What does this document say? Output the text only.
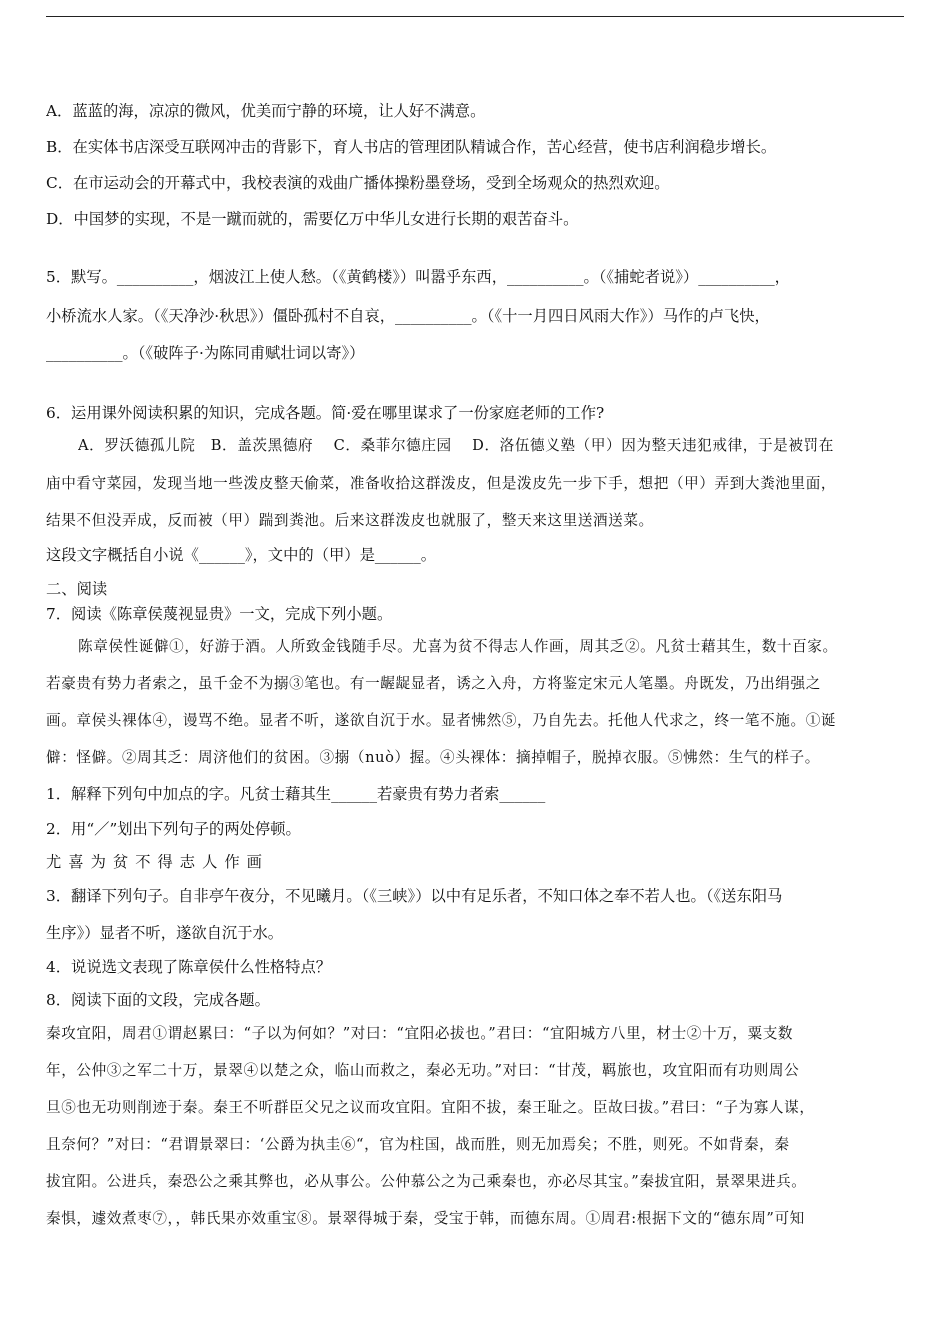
A．蓝蓝的海，凉凉的微风，优美而宁静的环境，让人好不满意。
B．在实体书店深受互联网冲击的背影下，育人书店的管理团队精诚合作，苦心经营，使书店利润稳步增长。
C．在市运动会的开幕式中，我校表演的戏曲广播体操粉墨登场，受到全场观众的热烈欢迎。
D．中国梦的实现，不是一蹴而就的，需要亿万中华儿女进行长期的艰苦奋斗。
5．默写。__________，烟波江上使人愁。（《黄鹤楼》）叫嚣乎东西，__________。（《捕蛇者说》）__________，
小桥流水人家。（《天净沙·秋思》）僵卧孤村不自哀，__________。（《十一月四日风雨大作》）马作的卢飞快，
__________。（《破阵子·为陈同甫赋壮词以寄》）
6．运用课外阅读积累的知识，完成各题。简·爱在哪里谋求了一份家庭老师的工作?
A．罗沃德孤儿院　B．盖茨黑德府　 C．桑菲尔德庄园　 D．洛伍德义塾（甲）因为整天违犯戒律，于是被罚在
庙中看守菜园，发现当地一些泼皮整天偷菜，准备收拾这群泼皮，但是泼皮先一步下手，想把（甲）弄到大粪池里面，
结果不但没弄成，反而被（甲）踹到粪池。后来这群泼皮也就服了，整天来这里送酒送菜。
这段文字概括自小说《______》，文中的（甲）是______。
二、阅读
7．阅读《陈章侯蔑视显贵》一文，完成下列小题。
陈章侯性诞僻①，好游于酒。人所致金钱随手尽。尤喜为贫不得志人作画，周其乏②。凡贫士藉其生，数十百家。
若豪贵有势力者索之，虽千金不为搦③笔也。有一龌龊显者，诱之入舟，方将鉴定宋元人笔墨。舟既发，乃出绢强之
画。章侯头裸体④，谩骂不绝。显者不听，遂欲自沉于水。显者怫然⑤，乃自先去。托他人代求之，终一笔不施。①诞
僻：怪僻。②周其乏：周济他们的贫困。③搦（nuò）握。④头裸体：摘掉帽子，脱掉衣服。⑤怫然：生气的样子。
1．解释下列句中加点的字。凡贫士藉其生______若豪贵有势力者索______
2．用“／”划出下列句子的两处停顿。
尤喜为贫不得志人作画
3．翻译下列句子。自非亭午夜分，不见曦月。（《三峡》）以中有足乐者，不知口体之奉不若人也。（《送东阳马
生序》）显者不听，遂欲自沉于水。
4．说说选文表现了陈章侯什么性格特点？
8．阅读下面的文段，完成各题。
秦攻宜阳，周君①谓赵累曰：“子以为何如？”对曰：“宜阳必拔也。”君曰：“宜阳城方八里，材士②十万，粟支数
年，公仲③之军二十万，景翠④以楚之众，临山而救之，秦必无功。”对曰：“甘茂，羁旅也，攻宜阳而有功则周公
旦⑤也无功则削迹于秦。秦王不听群臣父兄之议而攻宜阳。宜阳不拔，秦王耻之。臣故曰拔。”君曰：“子为寡人谋，
且奈何？”对曰：“君谓景翠曰：‘公爵为执圭⑥“，官为柱国，战而胜，则无加焉矣；不胜，则死。不如背秦，秦
拔宜阳。公进兵，秦恐公之乘其弊也，必从事公。公仲慕公之为己乘秦也，亦必尽其宝。”秦拔宜阳，景翠果进兵。
秦惧，遽效煮枣⑦，，韩氏果亦效重宝⑧。景翠得城于秦，受宝于韩，而德东周。①周君:根据下文的“德东周”可知
